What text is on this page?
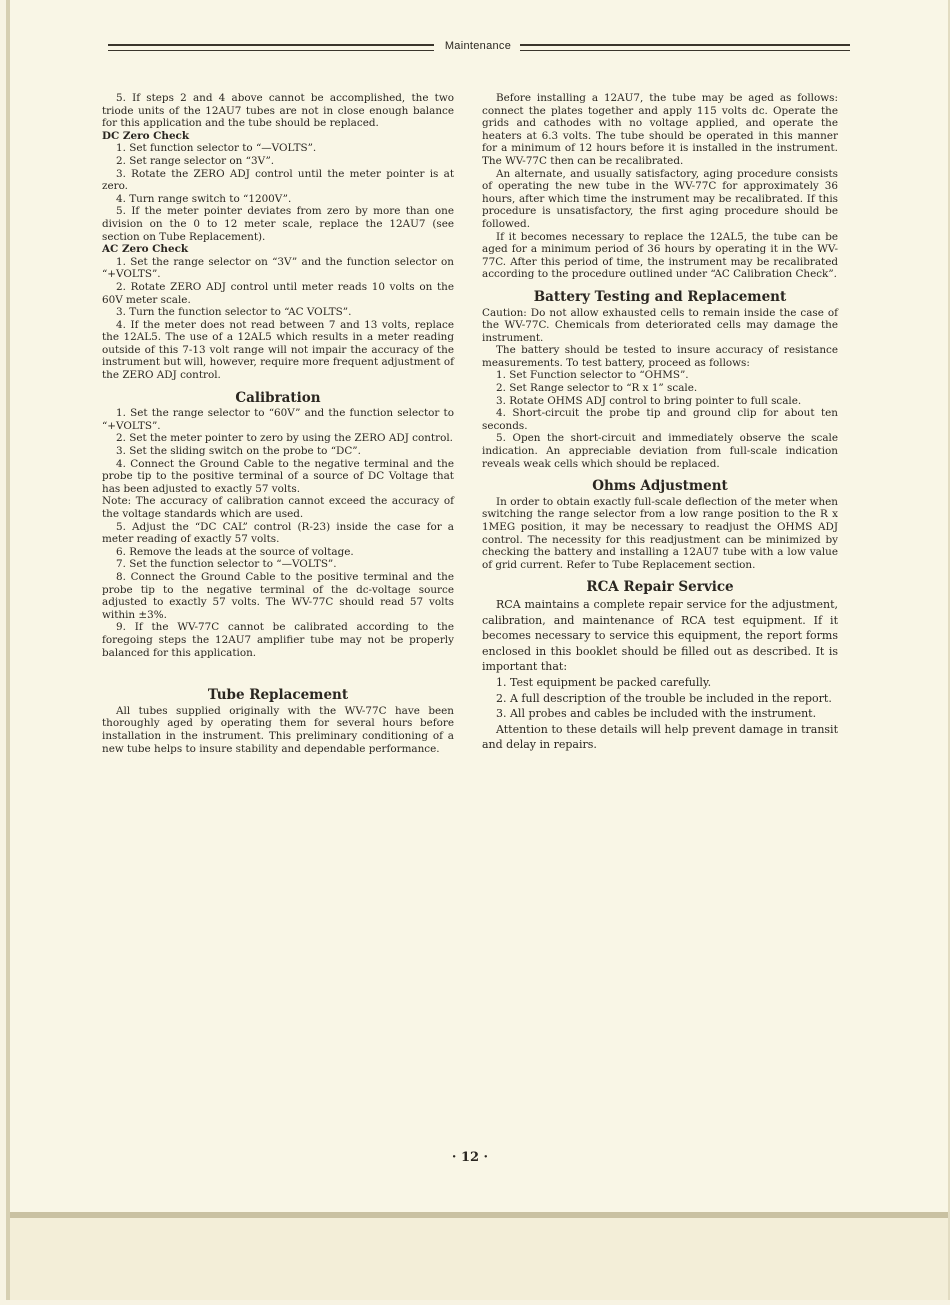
Maintenance

5. If steps 2 and 4 above cannot be accomplished, the two triode units of the 12AU7 tubes are not in close enough balance for this application and the tube should be replaced.

DC Zero Check

1. Set function selector to “—VOLTS”.

2. Set range selector on “3V”.

3. Rotate the ZERO ADJ control until the meter pointer is at zero.

4. Turn range switch to “1200V”.

5. If the meter pointer deviates from zero by more than one division on the 0 to 12 meter scale, replace the 12AU7 (see section on Tube Replacement).

AC Zero Check

1. Set the range selector on “3V” and the function selector on “+VOLTS”.

2. Rotate ZERO ADJ control until meter reads 10 volts on the 60V meter scale.

3. Turn the function selector to “AC VOLTS”.

4. If the meter does not read between 7 and 13 volts, replace the 12AL5. The use of a 12AL5 which results in a meter reading outside of this 7-13 volt range will not impair the accuracy of the instrument but will, however, require more frequent adjustment of the ZERO ADJ control.

Calibration

1. Set the range selector to “60V” and the function selector to “+VOLTS”.

2. Set the meter pointer to zero by using the ZERO ADJ control.

3. Set the sliding switch on the probe to “DC”.

4. Connect the Ground Cable to the negative terminal and the probe tip to the positive terminal of a source of DC Voltage that has been adjusted to exactly 57 volts.

Note: The accuracy of calibration cannot exceed the accuracy of the voltage standards which are used.

5. Adjust the “DC CAL” control (R-23) inside the case for a meter reading of exactly 57 volts.

6. Remove the leads at the source of voltage.

7. Set the function selector to “—VOLTS”.

8. Connect the Ground Cable to the positive terminal and the probe tip to the negative terminal of the dc-voltage source adjusted to exactly 57 volts. The WV-77C should read 57 volts within ±3%.

9. If the WV-77C cannot be calibrated according to the foregoing steps the 12AU7 amplifier tube may not be properly balanced for this application.

Tube Replacement

All tubes supplied originally with the WV-77C have been thoroughly aged by operating them for several hours before installation in the instrument. This preliminary conditioning of a new tube helps to insure stability and dependable performance.

Before installing a 12AU7, the tube may be aged as follows: connect the plates together and apply 115 volts dc. Operate the grids and cathodes with no voltage applied, and operate the heaters at 6.3 volts. The tube should be operated in this manner for a minimum of 12 hours before it is installed in the instrument. The WV-77C then can be recalibrated.

An alternate, and usually satisfactory, aging procedure consists of operating the new tube in the WV-77C for approximately 36 hours, after which time the instrument may be recalibrated. If this procedure is unsatisfactory, the first aging procedure should be followed.

If it becomes necessary to replace the 12AL5, the tube can be aged for a minimum period of 36 hours by operating it in the WV-77C. After this period of time, the instrument may be recalibrated according to the procedure outlined under “AC Calibration Check”.

Battery Testing and Replacement

Caution: Do not allow exhausted cells to remain inside the case of the WV-77C. Chemicals from deteriorated cells may damage the instrument.

The battery should be tested to insure accuracy of resistance measurements. To test battery, proceed as follows:

1. Set Function selector to “OHMS”.

2. Set Range selector to “R x 1” scale.

3. Rotate OHMS ADJ control to bring pointer to full scale.

4. Short-circuit the probe tip and ground clip for about ten seconds.

5. Open the short-circuit and immediately observe the scale indication. An appreciable deviation from full-scale indication reveals weak cells which should be replaced.

Ohms Adjustment

In order to obtain exactly full-scale deflection of the meter when switching the range selector from a low range position to the R x 1MEG position, it may be necessary to readjust the OHMS ADJ control. The necessity for this readjustment can be minimized by checking the battery and installing a 12AU7 tube with a low value of grid current. Refer to Tube Replacement section.

RCA Repair Service

RCA maintains a complete repair service for the adjustment, calibration, and maintenance of RCA test equipment. If it becomes necessary to service this equipment, the report forms enclosed in this booklet should be filled out as described. It is important that:

1. Test equipment be packed carefully.

2. A full description of the trouble be included in the report.

3. All probes and cables be included with the instrument.

Attention to these details will help prevent damage in transit and delay in repairs.

· 12 ·
